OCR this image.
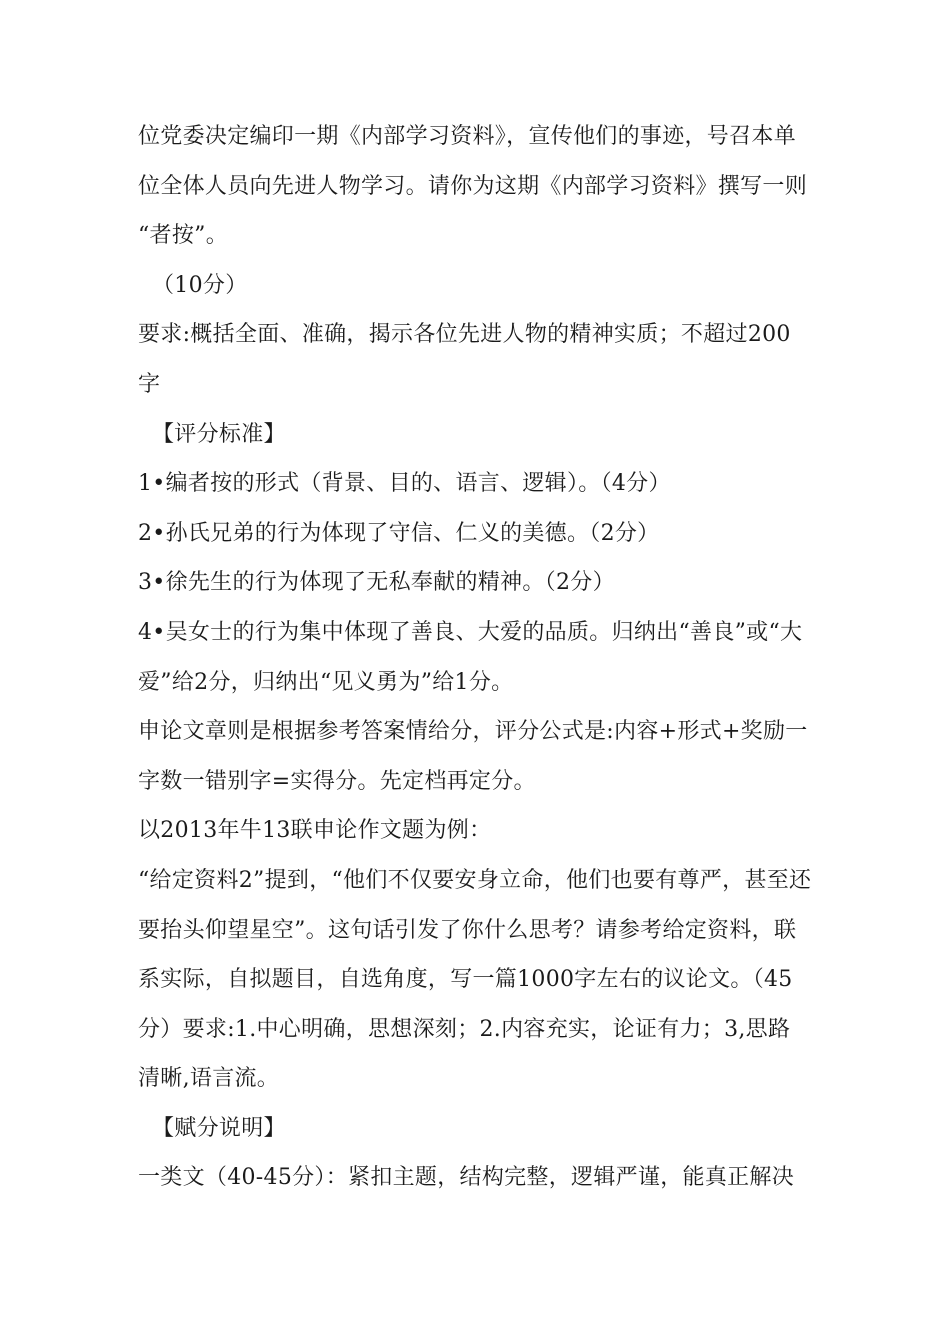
位党委决定编印一期《内部学习资料》，宣传他们的事迹，号召本单
位全体人员向先进人物学习。请你为这期《内部学习资料》撰写一则
“者按”。
（10分）
要求:概括全面、准确，揭示各位先进人物的精神实质；不超过200
字
【评分标准】
1•编者按的形式（背景、目的、语言、逻辑）。（4分）
2•孙氏兄弟的行为体现了守信、仁义的美德。（2分）
3•徐先生的行为体现了无私奉献的精神。（2分）
4•吴女士的行为集中体现了善良、大爱的品质。归纳出“善良”或“大
爱”给2分，归纳出“见义勇为”给1分。
申论文章则是根据参考答案情给分，评分公式是:内容+形式+奖励一
字数一错别字=实得分。先定档再定分。
以2013年牛13联申论作文题为例：
“给定资料2”提到，“他们不仅要安身立命，他们也要有尊严，甚至还
要抬头仰望星空”。这句话引发了你什么思考？请参考给定资料，联
系实际，自拟题目，自选角度，写一篇1000字左右的议论文。（45
分）要求:1.中心明确，思想深刻；2.内容充实，论证有力；3,思路
清晰,语言流。
【赋分说明】
一类文（40-45分）：紧扣主题，结构完整，逻辑严谨，能真正解决
